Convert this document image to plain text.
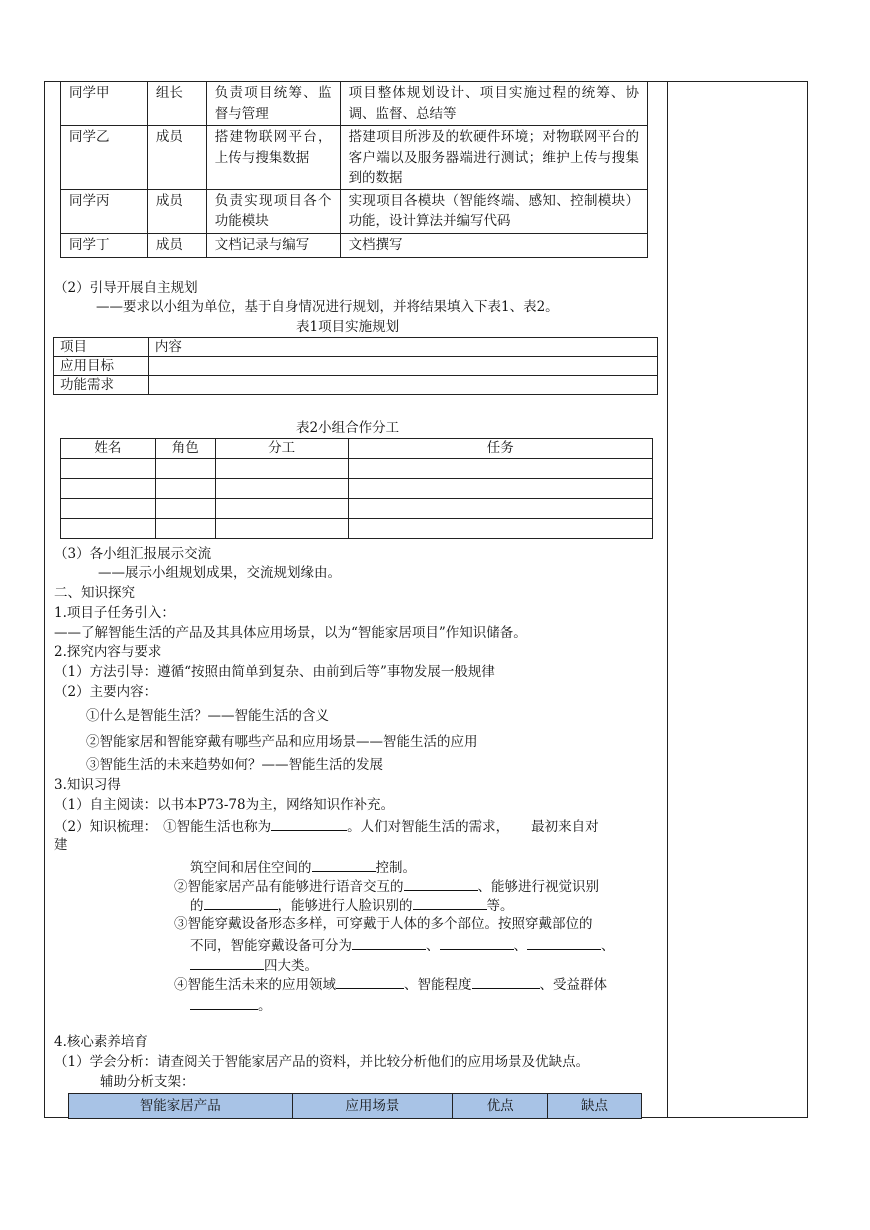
同学甲	组长	负责项目统筹、监督与管理	项目整体规划设计、项目实施过程的统筹、协调、监督、总结等
同学乙	成员	搭建物联网平台，上传与搜集数据	搭建项目所涉及的软硬件环境；对物联网平台的客户端以及服务器端进行测试；维护上传与搜集到的数据
同学丙	成员	负责实现项目各个功能模块	实现项目各模块（智能终端、感知、控制模块）功能，设计算法并编写代码
同学丁	成员	文档记录与编写	文档撰写
（2）引导开展自主规划
——要求以小组为单位，基于自身情况进行规划，并将结果填入下表1、表2。
表1项目实施规划
项目	内容
应用目标	
功能需求	
表2小组合作分工
姓名	角色	分工	任务

（3）各小组汇报展示交流
——展示小组规划成果，交流规划缘由。
二、知识探究
1.项目子任务引入：
——了解智能生活的产品及其具体应用场景，以为“智能家居项目”作知识储备。
2.探究内容与要求
（1）方法引导：遵循“按照由简单到复杂、由前到后等”事物发展一般规律
（2）主要内容：
①什么是智能生活？——智能生活的含义
②智能家居和智能穿戴有哪些产品和应用场景——智能生活的应用
③智能生活的未来趋势如何？——智能生活的发展
3.知识习得
（1）自主阅读：以书本P73-78为主，网络知识作补充。
（2）知识梳理： ①智能生活也称为	。人们对智能生活的需求， 最初来自对
建
筑空间和居住空间的	控制。
②智能家居产品有能够进行语音交互的	、能够进行视觉识别
的	，能够进行人脸识别的	等。
③智能穿戴设备形态多样，可穿戴于人体的多个部位。按照穿戴部位的
不同，智能穿戴设备可分为	、	、	、
四大类。
④智能生活未来的应用领域	、智能程度	、受益群体
。
4.核心素养培育
（1）学会分析：请查阅关于智能家居产品的资料，并比较分析他们的应用场景及优缺点。
辅助分析支架：
智能家居产品	应用场景	优点	缺点
